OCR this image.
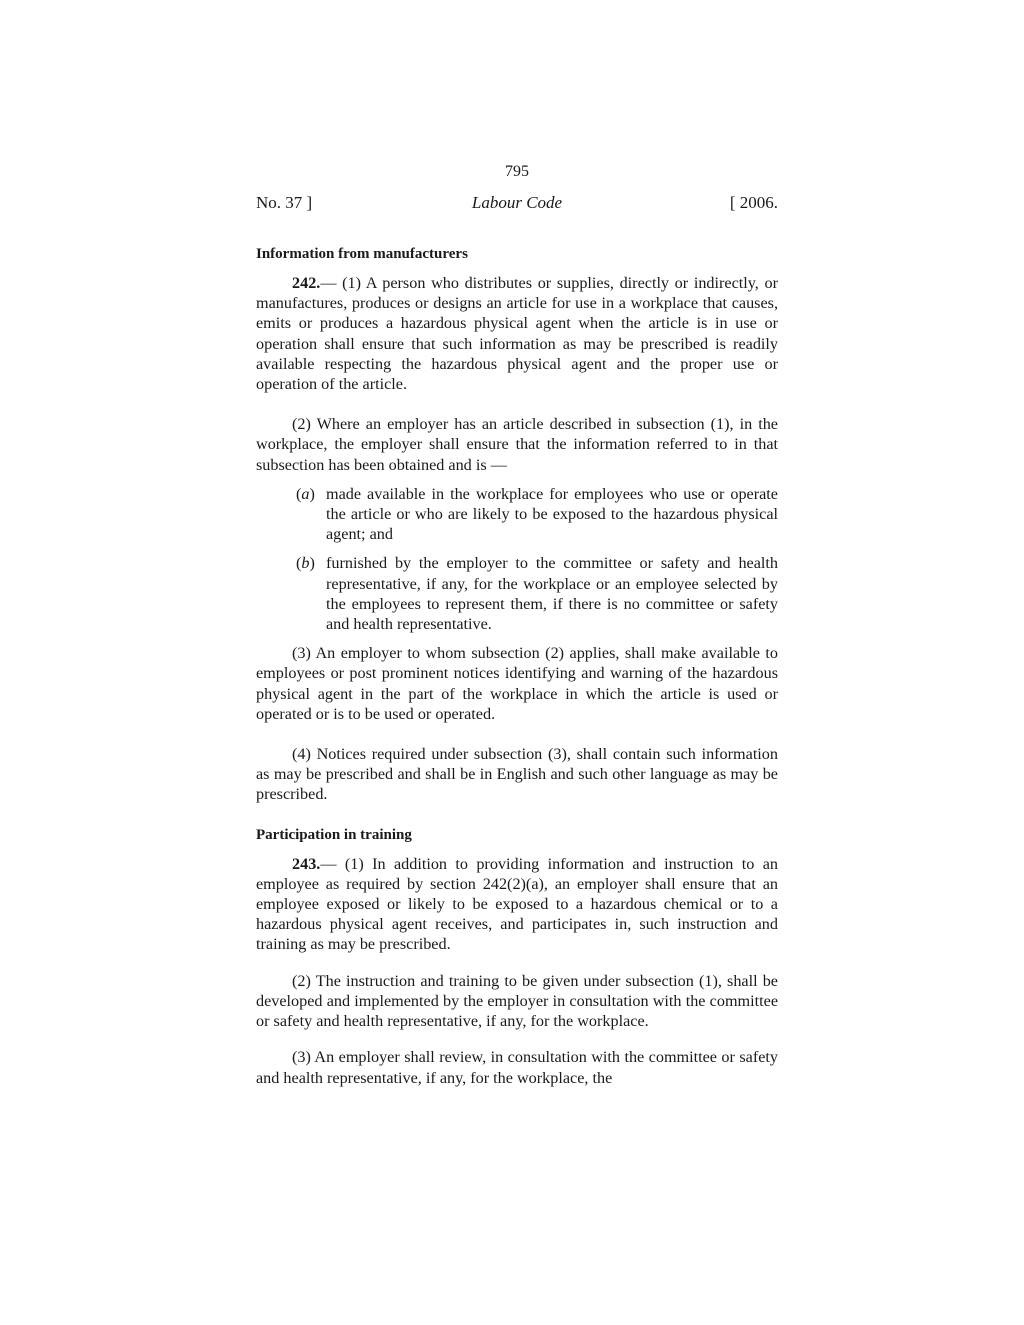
795
No. 37 ]	Labour Code	[ 2006.
Information from manufacturers

242.— (1) A person who distributes or supplies, directly or indirectly, or manufactures, produces or designs an article for use in a workplace that causes, emits or produces a hazardous physical agent when the article is in use or operation shall ensure that such information as may be prescribed is readily available respecting the hazardous physical agent and the proper use or operation of the article.

(2) Where an employer has an article described in subsection (1), in the workplace, the employer shall ensure that the information referred to in that subsection has been obtained and is —

(a) made available in the workplace for employees who use or operate the article or who are likely to be exposed to the hazardous physical agent; and
(b) furnished by the employer to the committee or safety and health representative, if any, for the workplace or an employee selected by the employees to represent them, if there is no committee or safety and health representative.

(3) An employer to whom subsection (2) applies, shall make available to employees or post prominent notices identifying and warning of the hazardous physical agent in the part of the workplace in which the article is used or operated or is to be used or operated.

(4) Notices required under subsection (3), shall contain such information as may be prescribed and shall be in English and such other language as may be prescribed.

Participation in training

243.— (1) In addition to providing information and instruction to an employee as required by section 242(2)(a), an employer shall ensure that an employee exposed or likely to be exposed to a hazardous chemical or to a hazardous physical agent receives, and participates in, such instruction and training as may be prescribed.

(2) The instruction and training to be given under subsection (1), shall be developed and implemented by the employer in consultation with the committee or safety and health representative, if any, for the workplace.

(3) An employer shall review, in consultation with the committee or safety and health representative, if any, for the workplace, the
